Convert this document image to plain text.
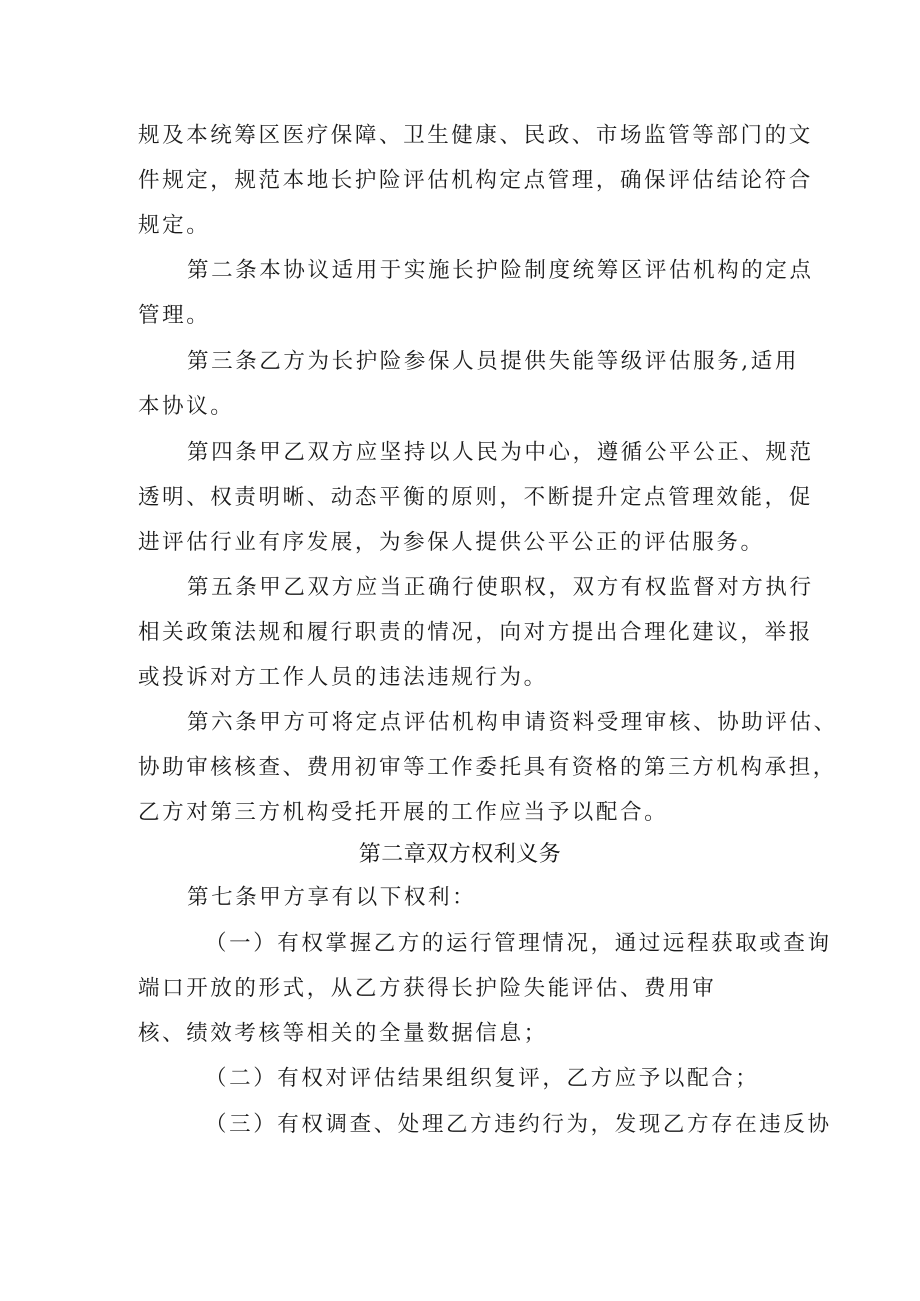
规及本统筹区医疗保障、卫生健康、民政、市场监管等部门的文
件规定，规范本地长护险评估机构定点管理，确保评估结论符合
规定。
第二条本协议适用于实施长护险制度统筹区评估机构的定点
管理。
第三条乙方为长护险参保人员提供失能等级评估服务,适用
本协议。
第四条甲乙双方应坚持以人民为中心，遵循公平公正、规范
透明、权责明晰、动态平衡的原则，不断提升定点管理效能，促
进评估行业有序发展，为参保人提供公平公正的评估服务。
第五条甲乙双方应当正确行使职权，双方有权监督对方执行
相关政策法规和履行职责的情况，向对方提出合理化建议，举报
或投诉对方工作人员的违法违规行为。
第六条甲方可将定点评估机构申请资料受理审核、协助评估、
协助审核核查、费用初审等工作委托具有资格的第三方机构承担，
乙方对第三方机构受托开展的工作应当予以配合。
第二章双方权利义务
第七条甲方享有以下权利：
（一）有权掌握乙方的运行管理情况，通过远程获取或查询
端口开放的形式，从乙方获得长护险失能评估、费用审
核、绩效考核等相关的全量数据信息；
（二）有权对评估结果组织复评，乙方应予以配合；
（三）有权调查、处理乙方违约行为，发现乙方存在违反协
